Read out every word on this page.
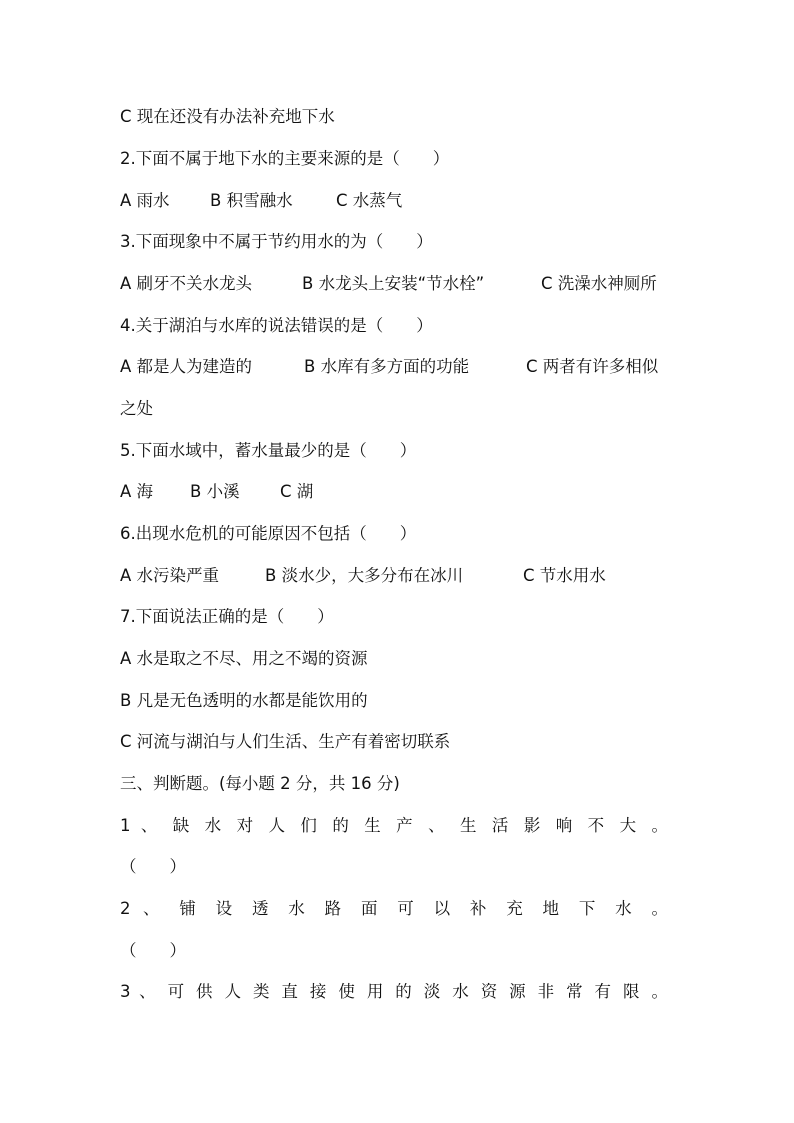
C 现在还没有办法补充地下水
2.下面不属于地下水的主要来源的是（　　）
A 雨水 B 积雪融水	C 水蒸气
3.下面现象中不属于节约用水的为（　　）
A 刷牙不关水龙头	B 水龙头上安装“节水栓”	C 洗澡水神厕所
4.关于湖泊与水库的说法错误的是（　　）
A 都是人为建造的	B 水库有多方面的功能	C 两者有许多相似
之处
5.下面水域中，蓄水量最少的是（　　）
A 海 B 小溪 C 湖
6.出现水危机的可能原因不包括（　　）
A 水污染严重	B 淡水少，大多分布在冰川	C 节水用水
7.下面说法正确的是（　　）
A 水是取之不尽、用之不竭的资源
B 凡是无色透明的水都是能饮用的
C 河流与湖泊与人们生活、生产有着密切联系
三、判断题。(每小题 2 分，共 16 分)
1 、 缺 水 对 人 们 的 生 产 、 生 活 影 响 不 大 。
（　　）
2 、 铺 设 透 水 路 面 可 以 补 充 地 下 水 。
（　　）
3 、 可 供 人 类 直 接 使 用 的 淡 水 资 源 非 常 有 限 。
